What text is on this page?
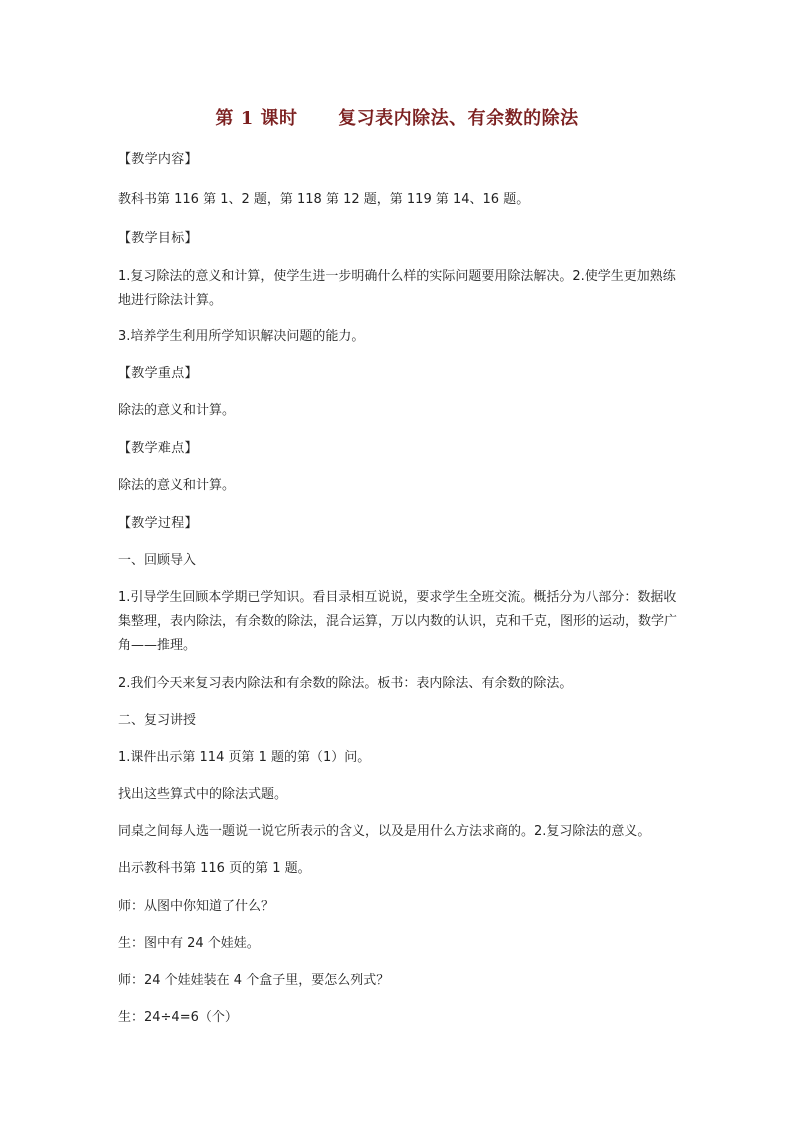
第 1 课时      复习表内除法、有余数的除法
【教学内容】
教科书第 116 第 1、2 题，第 118 第 12 题，第 119 第 14、16 题。
【教学目标】
1.复习除法的意义和计算，使学生进一步明确什么样的实际问题要用除法解决。2.使学生更加熟练地进行除法计算。
3.培养学生利用所学知识解决问题的能力。
【教学重点】
除法的意义和计算。
【教学难点】
除法的意义和计算。
【教学过程】
一、回顾导入
1.引导学生回顾本学期已学知识。看目录相互说说，要求学生全班交流。概括分为八部分：数据收集整理，表内除法，有余数的除法，混合运算，万以内数的认识，克和千克，图形的运动，数学广角——推理。
2.我们今天来复习表内除法和有余数的除法。板书：表内除法、有余数的除法。
二、复习讲授
1.课件出示第 114 页第 1 题的第（1）问。
找出这些算式中的除法式题。
同桌之间每人选一题说一说它所表示的含义，以及是用什么方法求商的。2.复习除法的意义。
出示教科书第 116 页的第 1 题。
师：从图中你知道了什么？
生：图中有 24 个娃娃。
师：24 个娃娃装在 4 个盒子里，要怎么列式？
生：24÷4=6（个）
